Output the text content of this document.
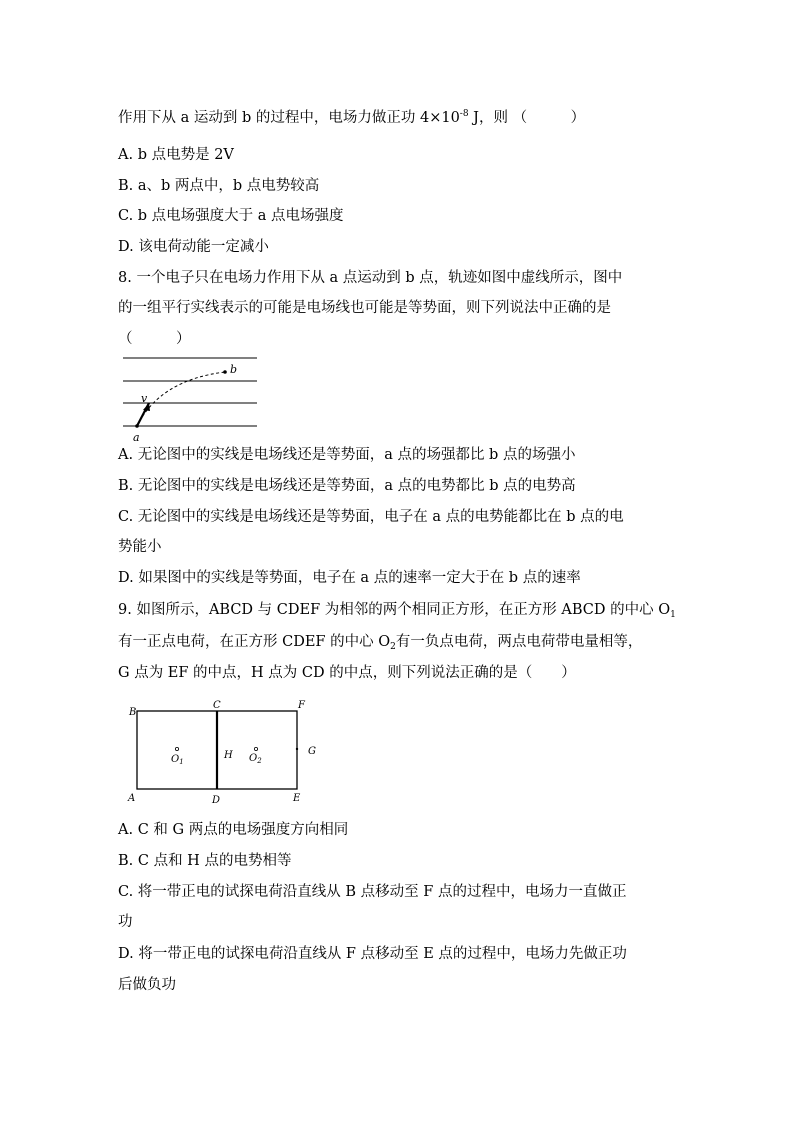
作用下从 a 运动到 b 的过程中，电场力做正功 $4\times 10^{-8}$ J，则 （　　　）
A. b 点电势是 2V
B. a、b 两点中，b 点电势较高
C. b 点电场强度大于 a 点电场强度
D. 该电荷动能一定减小
8. 一个电子只在电场力作用下从 a 点运动到 b 点，轨迹如图中虚线所示，图中
的一组平行实线表示的可能是电场线也可能是等势面，则下列说法中正确的是
（　　　）
a
b
v
A. 无论图中的实线是电场线还是等势面，a 点的场强都比 b 点的场强小
B. 无论图中的实线是电场线还是等势面，a 点的电势都比 b 点的电势高
C. 无论图中的实线是电场线还是等势面，电子在 a 点的电势能都比在 b 点的电
势能小
D. 如果图中的实线是等势面，电子在 a 点的速率一定大于在 b 点的速率
9. 如图所示，ABCD 与 CDEF 为相邻的两个相同正方形，在正方形 ABCD 的中心 $O_1$
有一正点电荷，在正方形 CDEF 的中心 $O_2$有一负点电荷，两点电荷带电量相等，
G 点为 EF 的中点，H 点为 CD 的中点，则下列说法正确的是（　　）
B
C	F
A	D	E
H	G
$O_1$	$O_2$
A. C 和 G 两点的电场强度方向相同
B. C 点和 H 点的电势相等
C. 将一带正电的试探电荷沿直线从 B 点移动至 F 点的过程中，电场力一直做正
功
D. 将一带正电的试探电荷沿直线从 F 点移动至 E 点的过程中，电场力先做正功
后做负功
